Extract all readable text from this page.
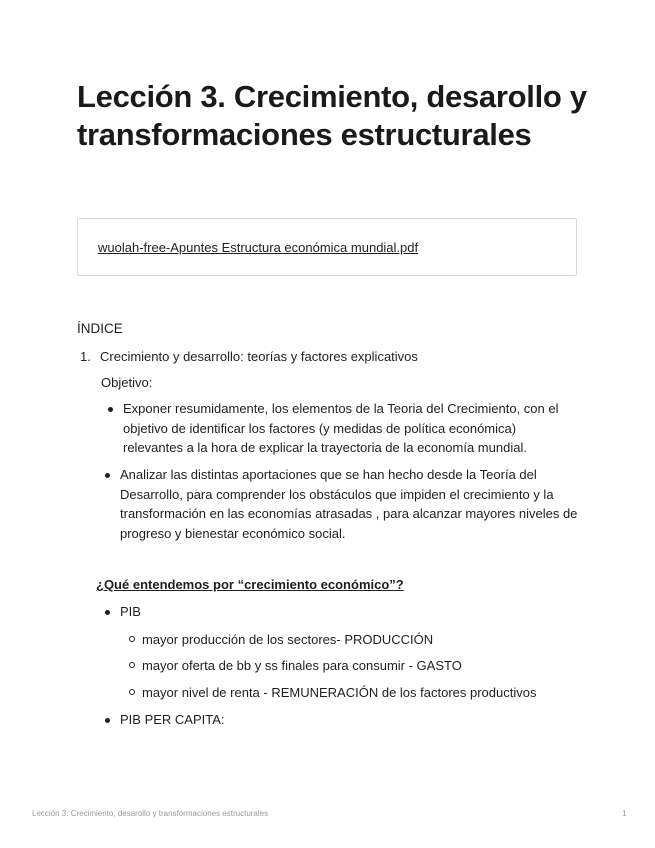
Lección 3. Crecimiento, desarollo y transformaciones estructurales
wuolah-free-Apuntes Estructura económica mundial.pdf

ÍNDICE

1. Crecimiento y desarrollo: teorías y factores explicativos
Objetivo:
Exponer resumidamente, los elementos de la Teoria del Crecimiento, con el objetivo de identificar los factores (y medidas de política económica) relevantes a la hora de explicar la trayectoria de la economía mundial.
Analizar las distintas aportaciones que se han hecho desde la Teoría del Desarrollo, para comprender los obstáculos que impiden el crecimiento y la transformación en las economías atrasadas , para alcanzar mayores niveles de progreso y bienestar económico social.
¿Qué entendemos por “crecimiento económico”?
PIB
mayor producción de los sectores- PRODUCCIÓN
mayor oferta de bb y ss finales para consumir - GASTO
mayor nivel de renta - REMUNERACIÓN de los factores productivos
PIB PER CAPITA:
Lección 3. Crecimiento, desarollo y transformaciones estructurales	1
